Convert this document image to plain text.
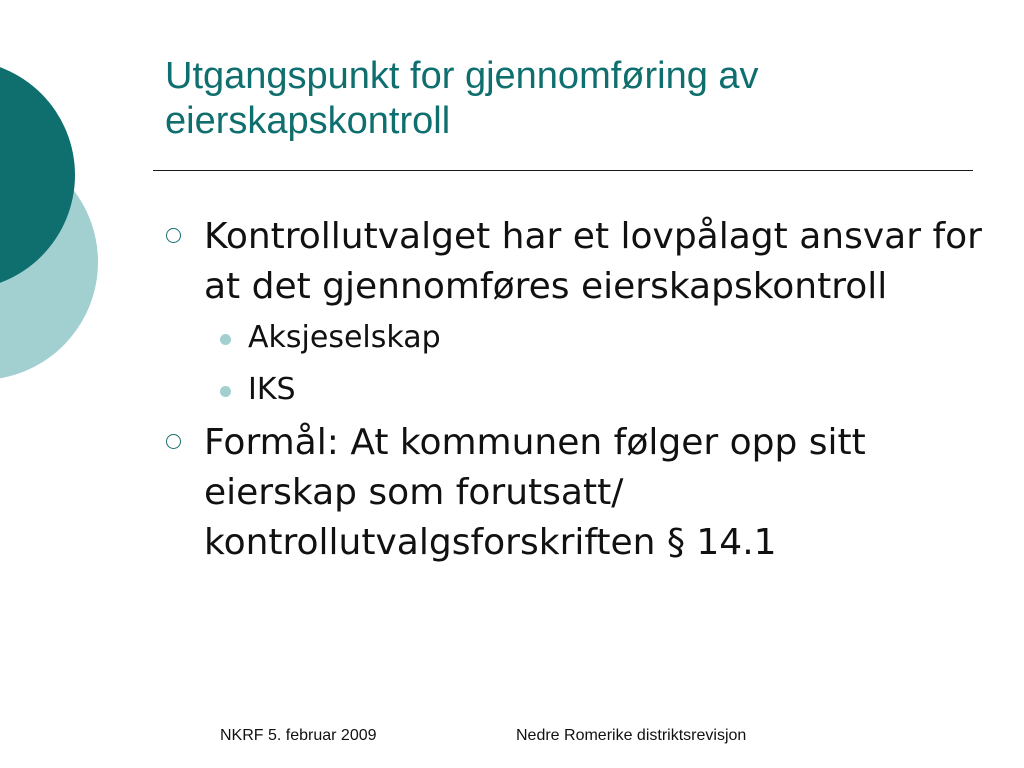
Utgangspunkt for gjennomføring av eierskapskontroll
Kontrollutvalget har et lovpålagt ansvar for at det gjennomføres eierskapskontroll
Aksjeselskap
IKS
Formål: At kommunen følger opp sitt eierskap som forutsatt/ kontrollutvalgsforskriften § 14.1
NKRF 5. februar 2009	Nedre Romerike distriktsrevisjon
